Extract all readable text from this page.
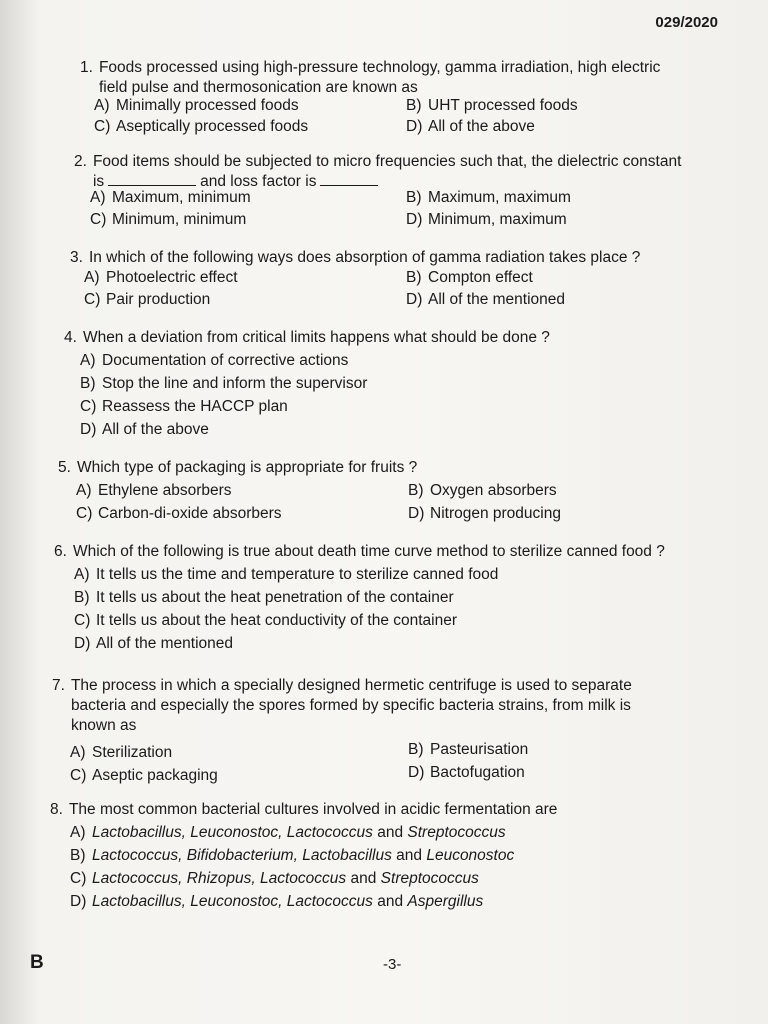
029/2020
1. Foods processed using high-pressure technology, gamma irradiation, high electric
field pulse and thermosonication are known as
A) Minimally processed foods	B) UHT processed foods
C) Aseptically processed foods	D) All of the above
2. Food items should be subjected to micro frequencies such that, the dielectric constant
is	and loss factor is
A) Maximum, minimum	B) Maximum, maximum
C) Minimum, minimum	D) Minimum, maximum
3. In which of the following ways does absorption of gamma radiation takes place ?
A) Photoelectric effect	B) Compton effect
C) Pair production	D) All of the mentioned
4. When a deviation from critical limits happens what should be done ?
A) Documentation of corrective actions
B) Stop the line and inform the supervisor
C) Reassess the HACCP plan
D) All of the above
5. Which type of packaging is appropriate for fruits ?
A) Ethylene absorbers	B) Oxygen absorbers
C) Carbon-di-oxide absorbers	D) Nitrogen producing
6. Which of the following is true about death time curve method to sterilize canned food ?
A) It tells us the time and temperature to sterilize canned food
B) It tells us about the heat penetration of the container
C) It tells us about the heat conductivity of the container
D) All of the mentioned
7. The process in which a specially designed hermetic centrifuge is used to separate
bacteria and especially the spores formed by specific bacteria strains, from milk is
known as
A) Sterilization	B) Pasteurisation
C) Aseptic packaging	D) Bactofugation
8. The most common bacterial cultures involved in acidic fermentation are
A) Lactobacillus, Leuconostoc, Lactococcus and Streptococcus
B) Lactococcus, Bifidobacterium, Lactobacillus and Leuconostoc
C) Lactococcus, Rhizopus, Lactococcus and Streptococcus
D) Lactobacillus, Leuconostoc, Lactococcus and Aspergillus
B	-3-
